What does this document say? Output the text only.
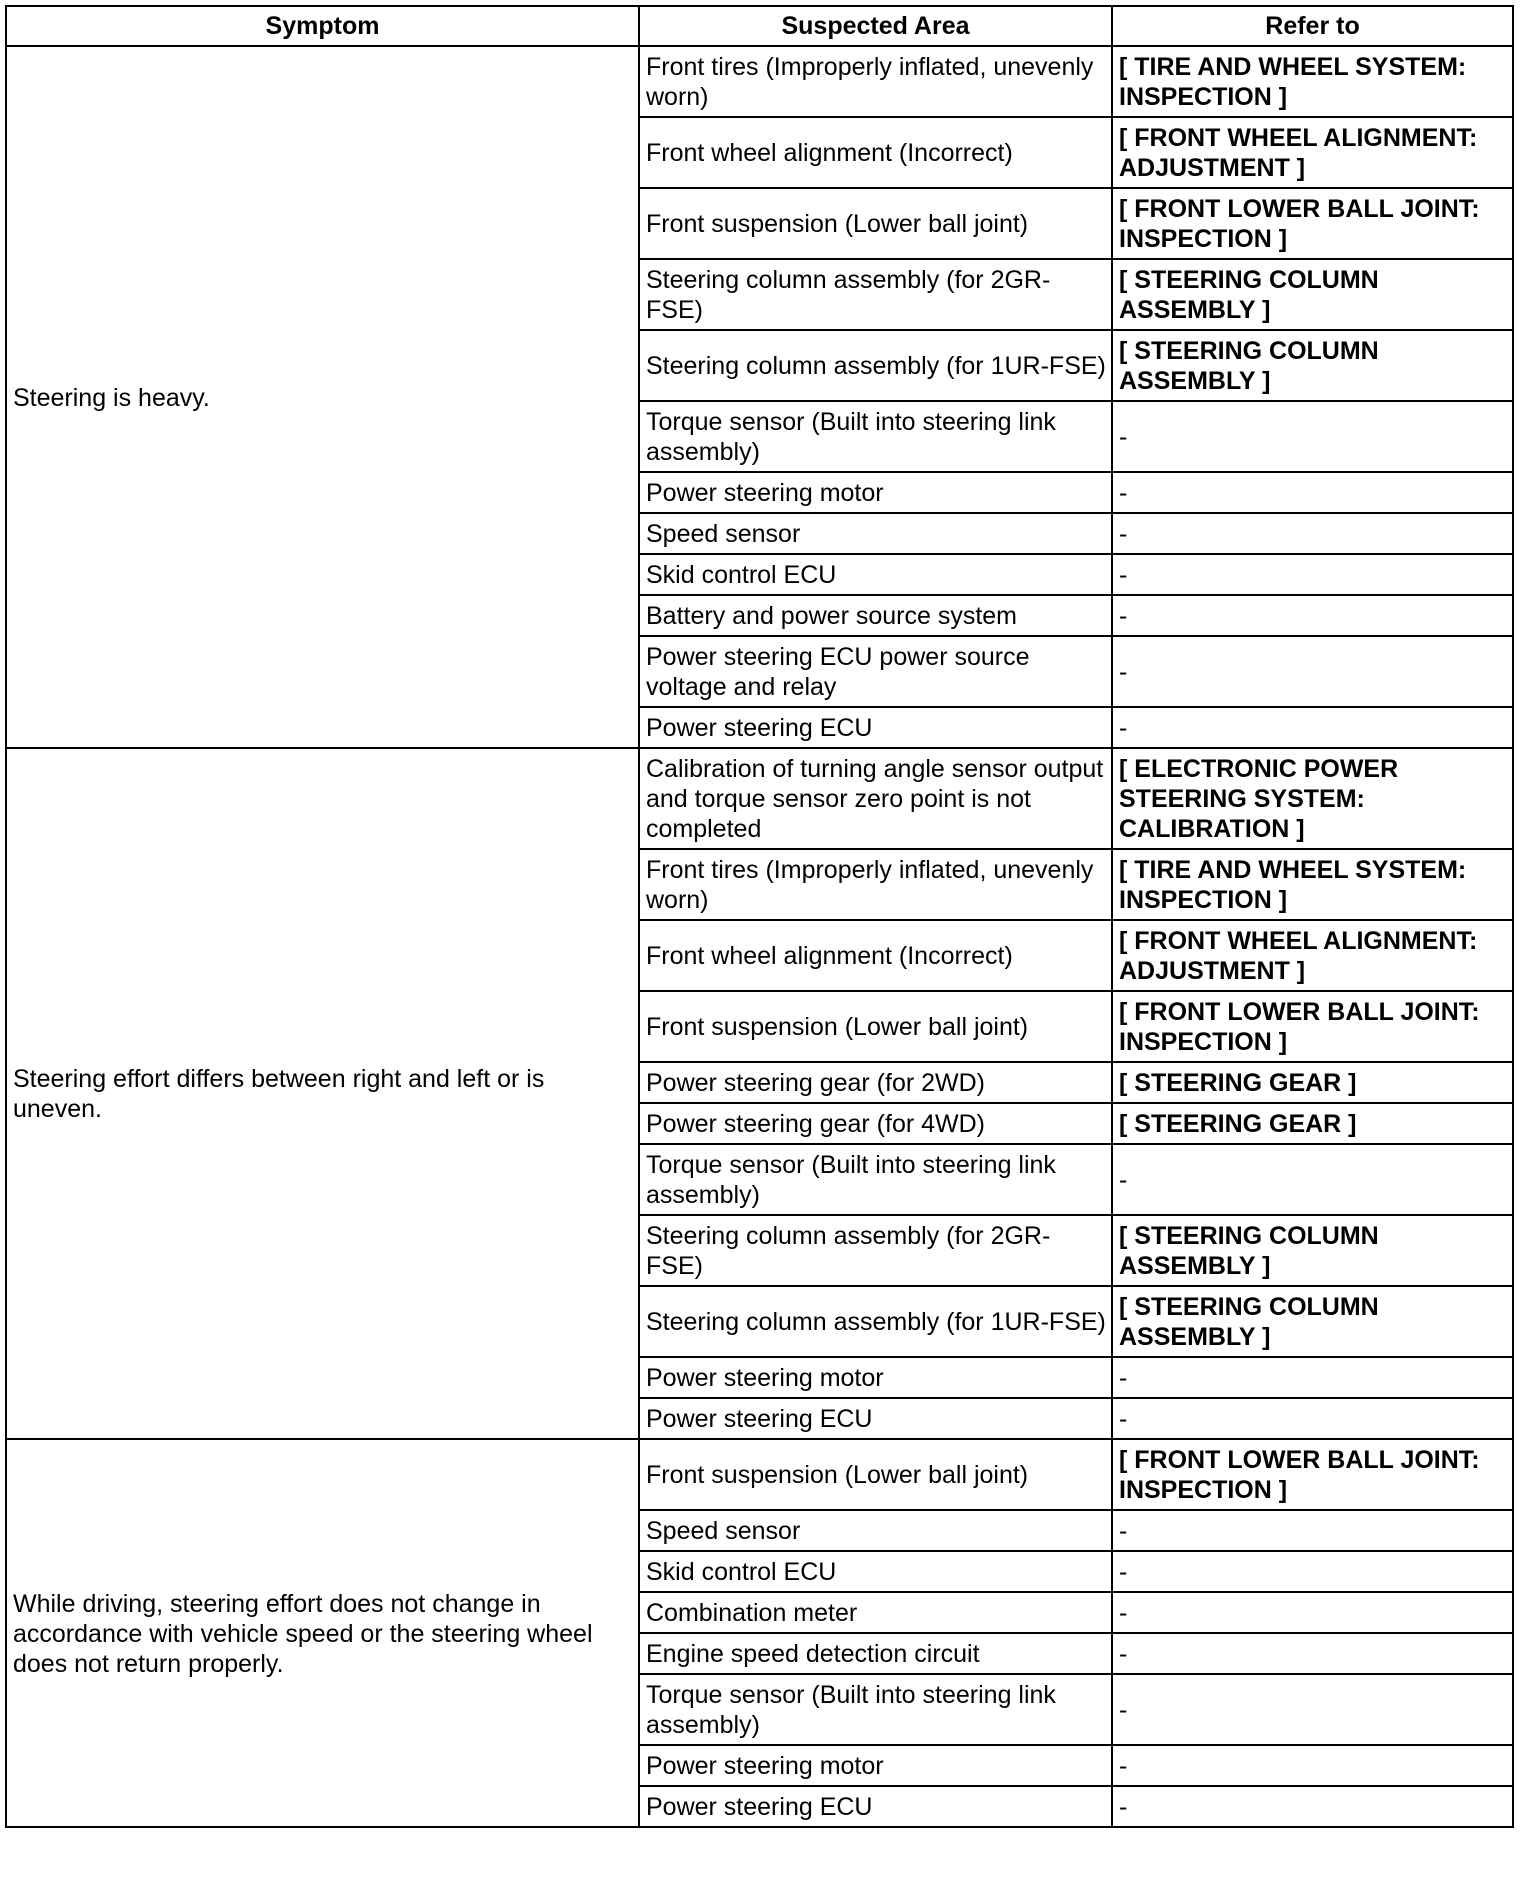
Symptom	Suspected Area	Refer to
Steering is heavy.	Front tires (Improperly inflated, unevenly worn)	[ TIRE AND WHEEL SYSTEM: INSPECTION ]
	Front wheel alignment (Incorrect)	[ FRONT WHEEL ALIGNMENT: ADJUSTMENT ]
	Front suspension (Lower ball joint)	[ FRONT LOWER BALL JOINT: INSPECTION ]
	Steering column assembly (for 2GR-FSE)	[ STEERING COLUMN ASSEMBLY ]
	Steering column assembly (for 1UR-FSE)	[ STEERING COLUMN ASSEMBLY ]
	Torque sensor (Built into steering link assembly)	-
	Power steering motor	-
	Speed sensor	-
	Skid control ECU	-
	Battery and power source system	-
	Power steering ECU power source voltage and relay	-
	Power steering ECU	-
Steering effort differs between right and left or is uneven.	Calibration of turning angle sensor output and torque sensor zero point is not completed	[ ELECTRONIC POWER STEERING SYSTEM: CALIBRATION ]
	Front tires (Improperly inflated, unevenly worn)	[ TIRE AND WHEEL SYSTEM: INSPECTION ]
	Front wheel alignment (Incorrect)	[ FRONT WHEEL ALIGNMENT: ADJUSTMENT ]
	Front suspension (Lower ball joint)	[ FRONT LOWER BALL JOINT: INSPECTION ]
	Power steering gear (for 2WD)	[ STEERING GEAR ]
	Power steering gear (for 4WD)	[ STEERING GEAR ]
	Torque sensor (Built into steering link assembly)	-
	Steering column assembly (for 2GR-FSE)	[ STEERING COLUMN ASSEMBLY ]
	Steering column assembly (for 1UR-FSE)	[ STEERING COLUMN ASSEMBLY ]
	Power steering motor	-
	Power steering ECU	-
While driving, steering effort does not change in accordance with vehicle speed or the steering wheel does not return properly.	Front suspension (Lower ball joint)	[ FRONT LOWER BALL JOINT: INSPECTION ]
	Speed sensor	-
	Skid control ECU	-
	Combination meter	-
	Engine speed detection circuit	-
	Torque sensor (Built into steering link assembly)	-
	Power steering motor	-
	Power steering ECU	-
